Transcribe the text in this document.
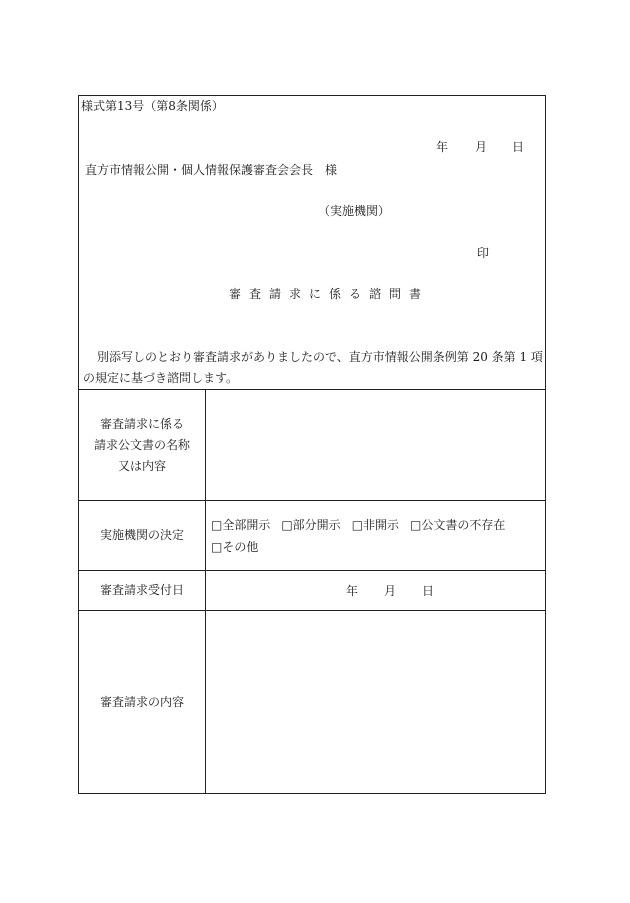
様式第13号（第8条関係）
年 月 日
直方市情報公開・個人情報保護審査会会長　様
（実施機関）
印
審査請求に係る諮問書
別添写しのとおり審査請求がありましたので、直方市情報公開条例第 20 条第 1 項
の規定に基づき諮問します。
審査請求に係る
請求公文書の名称
又は内容
実施機関の決定
□全部開示 □部分開示 □非開示 □公文書の不存在
□その他
審査請求受付日	年 月 日
審査請求の内容
